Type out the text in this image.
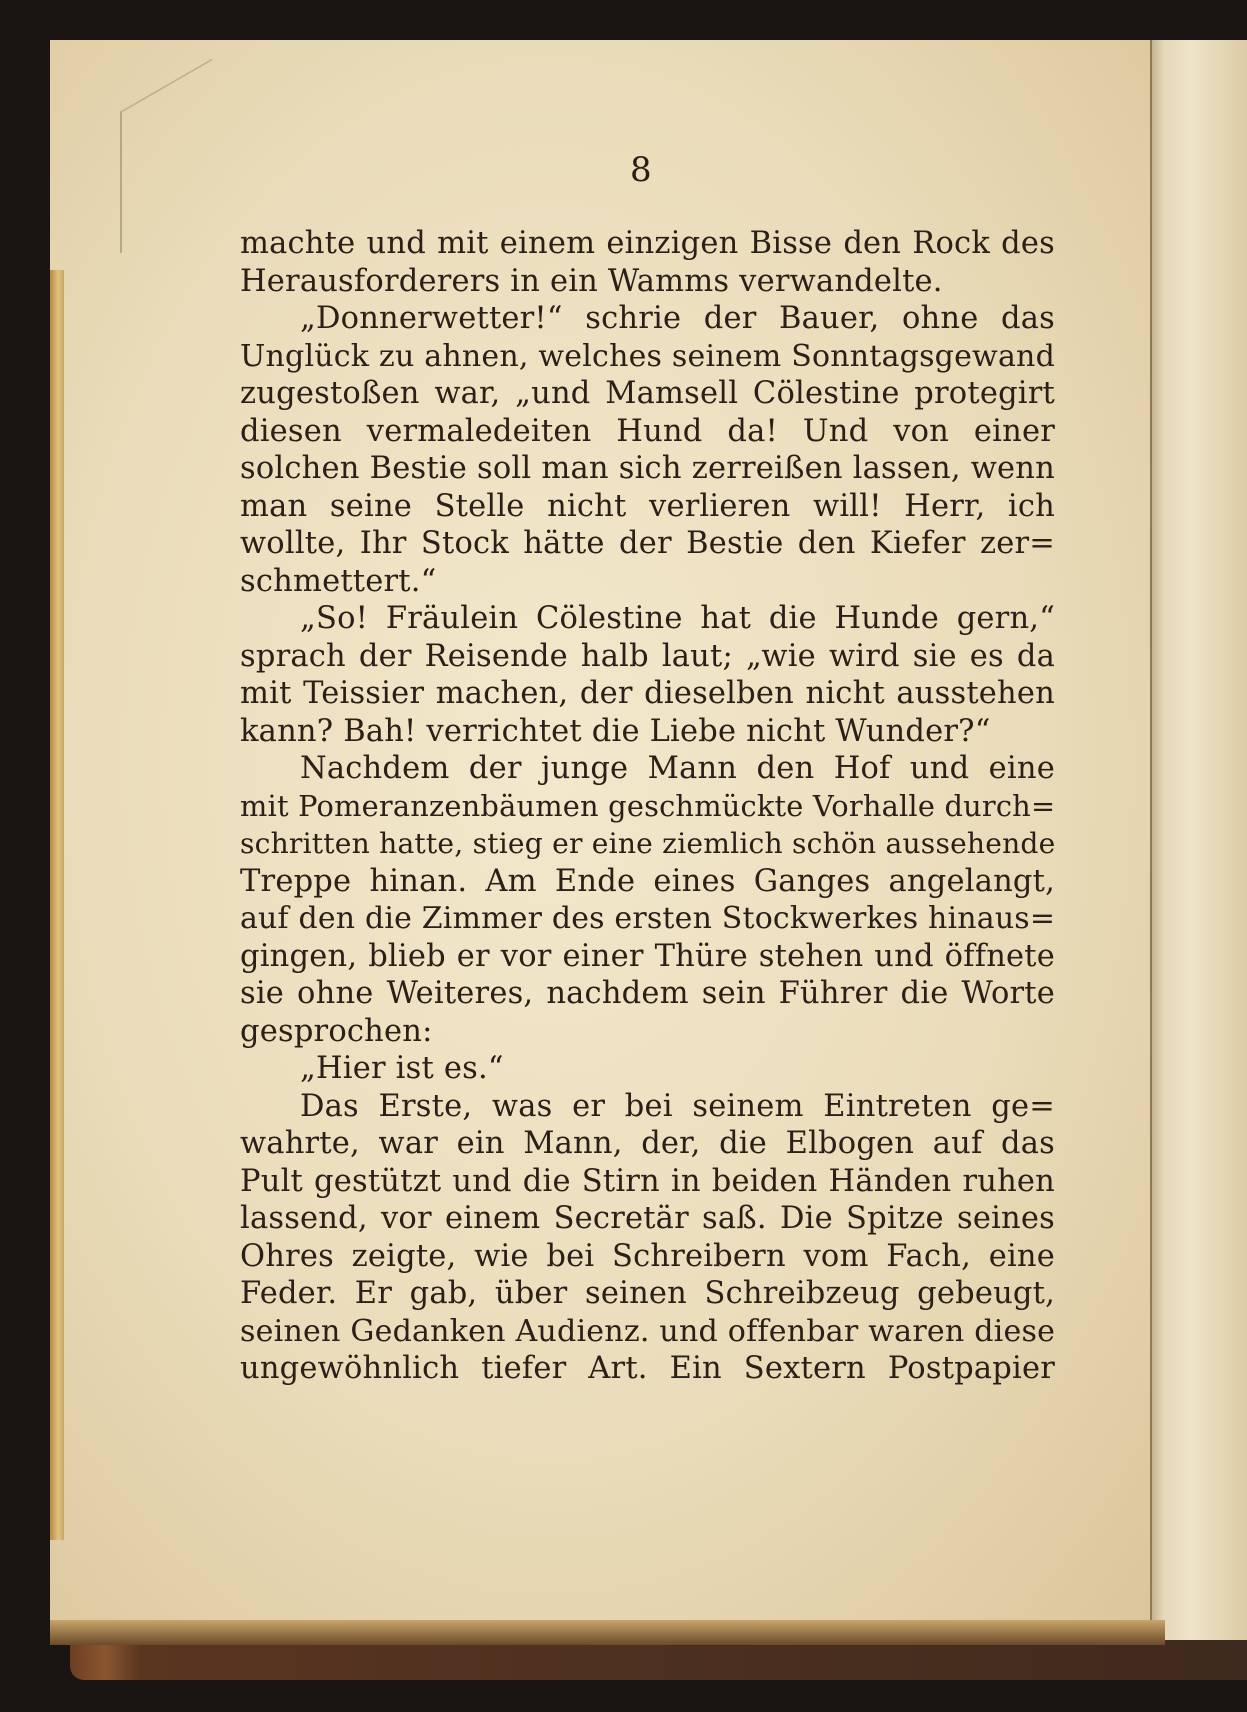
8
machte und mit einem einzigen Bisse den Rock des
Herausforderers in ein Wamms verwandelte.
„Donnerwetter!“ schrie der Bauer, ohne das
Unglück zu ahnen, welches seinem Sonntagsgewand
zugestoßen war, „und Mamsell Cölestine protegirt
diesen vermaledeiten Hund da! Und von einer
solchen Bestie soll man sich zerreißen lassen, wenn
man seine Stelle nicht verlieren will! Herr, ich
wollte, Ihr Stock hätte der Bestie den Kiefer zer=
schmettert.“
„So! Fräulein Cölestine hat die Hunde gern,“
sprach der Reisende halb laut; „wie wird sie es da
mit Teissier machen, der dieselben nicht ausstehen
kann? Bah! verrichtet die Liebe nicht Wunder?“
Nachdem der junge Mann den Hof und eine
mit Pomeranzenbäumen geschmückte Vorhalle durch=
schritten hatte, stieg er eine ziemlich schön aussehende
Treppe hinan. Am Ende eines Ganges angelangt,
auf den die Zimmer des ersten Stockwerkes hinaus=
gingen, blieb er vor einer Thüre stehen und öffnete
sie ohne Weiteres, nachdem sein Führer die Worte
gesprochen:
„Hier ist es.“
Das Erste, was er bei seinem Eintreten ge=
wahrte, war ein Mann, der, die Elbogen auf das
Pult gestützt und die Stirn in beiden Händen ruhen
lassend, vor einem Secretär saß. Die Spitze seines
Ohres zeigte, wie bei Schreibern vom Fach, eine
Feder. Er gab, über seinen Schreibzeug gebeugt,
seinen Gedanken Audienz. und offenbar waren diese
ungewöhnlich tiefer Art. Ein Sextern Postpapier
